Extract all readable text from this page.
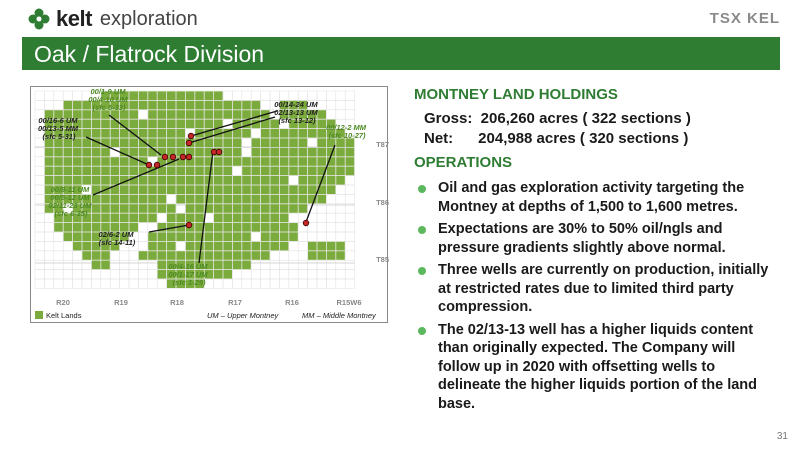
kelt exploration	TSX KEL
Oak / Flatrock Division
00/1-9 UM 00/4-10 UM (sfc 5-33)
00/16-6 UM 00/13-5 MM (sfc 5-31)
00/14-24 UM 02/13-13 UM (sfc 13-12)
00/12-2 MM (sfc 10-27)
00/8-11 UM 00/5-12 UM 02/11-23 UM (sfc 6-35)
02/6-2 UM (sfc 14-11)
00/4-16 UM 00/1-17 UM (sfc 1-29)
T87
T86
T85
R20	R19	R18	R17	R16	R15W6
Kelt Lands	UM – Upper Montney	MM – Middle Montney
MONTNEY LAND HOLDINGS
Gross:  206,260 acres ( 322 sections )
Net:      204,988 acres ( 320 sections )
OPERATIONS
Oil and gas exploration activity targeting the Montney at depths of 1,500 to 1,600 metres.
Expectations are 30% to 50% oil/ngls and pressure gradients slightly above normal.
Three wells are currently on production, initially at restricted rates due to limited third party compression.
The 02/13-13 well has a higher liquids content than originally expected. The Company will follow up in 2020 with offsetting wells to delineate the higher liquids portion of the land base.
31
